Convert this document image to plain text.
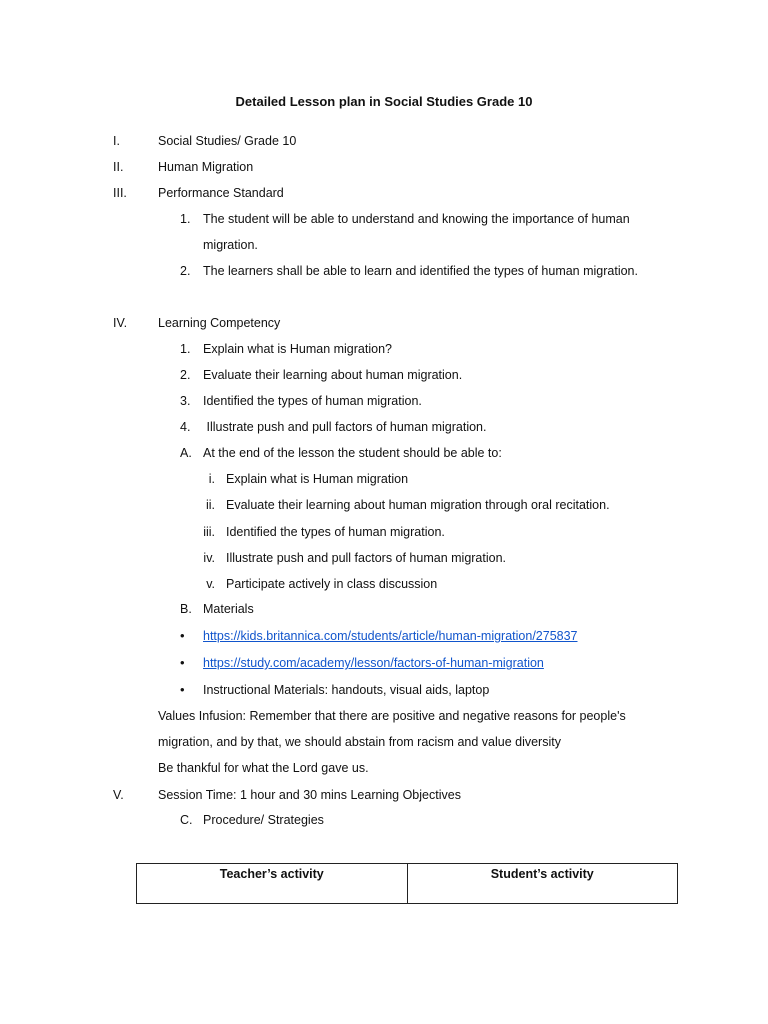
Detailed Lesson plan in Social Studies Grade 10
I.	Social Studies/ Grade 10
II.	Human Migration
III. Performance Standard
1. The student will be able to understand and knowing the importance of human
migration.
2. The learners shall be able to learn and identified the types of human migration.
IV. Learning Competency
1. Explain what is Human migration?
2. Evaluate their learning about human migration.
3. Identified the types of human migration.
4. Illustrate push and pull factors of human migration.
A. At the end of the lesson the student should be able to:
i. Explain what is Human migration
ii. Evaluate their learning about human migration through oral recitation.
iii. Identified the types of human migration.
iv. Illustrate push and pull factors of human migration.
v. Participate actively in class discussion
B. Materials
• https://kids.britannica.com/students/article/human-migration/275837
• https://study.com/academy/lesson/factors-of-human-migration
• Instructional Materials: handouts, visual aids, laptop
Values Infusion: Remember that there are positive and negative reasons for people's
migration, and by that, we should abstain from racism and value diversity
Be thankful for what the Lord gave us.
V.	Session Time: 1 hour and 30 mins Learning Objectives
C. Procedure/ Strategies
Teacher’s activity	Student’s activity
